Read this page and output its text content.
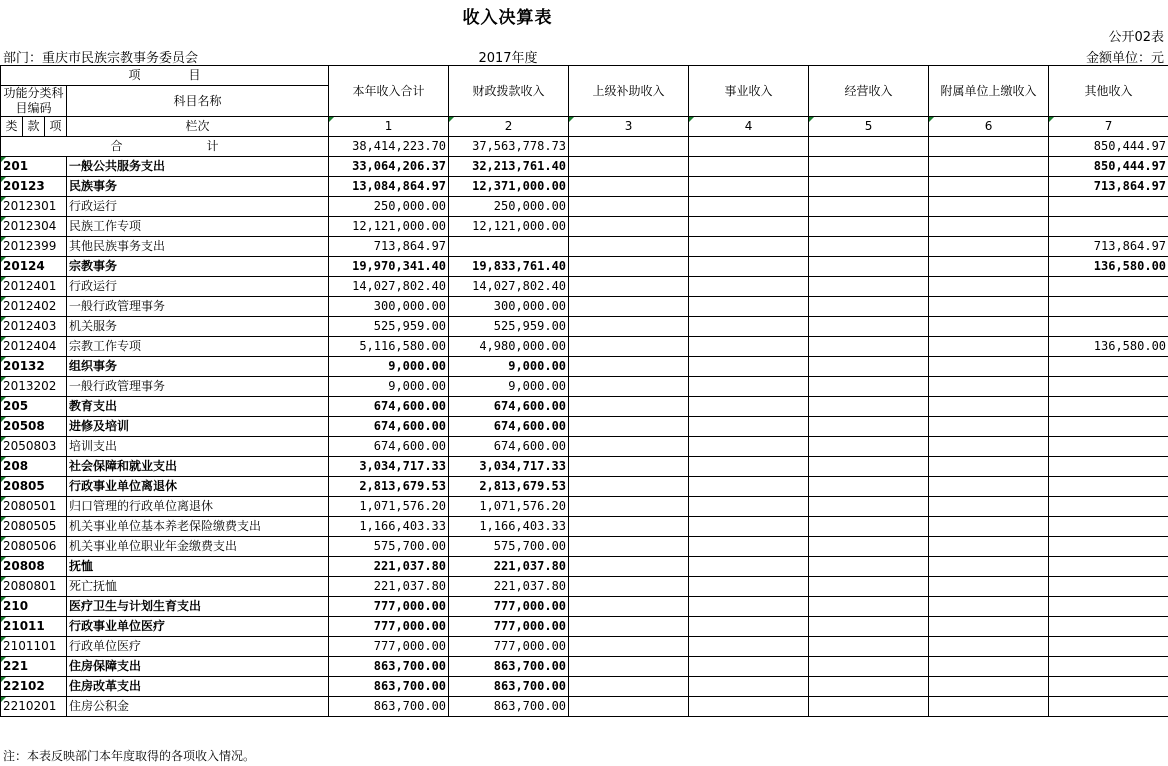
收入决算表
公开02表
部门：重庆市民族宗教事务委员会	2017年度	金额单位：元
项　　　　目				本年收入合计	财政拨款收入	上级补助收入	事业收入	经营收入	附属单位上缴收入	其他收入
功能分类科目编码			科目名称							

类	款	项								
			栏次	1	2	3	4	5	6	7
合　　　　　　　计				38,414,223.70	37,563,778.73					850,444.97

201			一般公共服务支出	33,064,206.37	32,213,761.40					850,444.97

20123			民族事务	13,084,864.97	12,371,000.00					713,864.97

2012301			行政运行	250,000.00	250,000.00					

2012304			民族工作专项	12,121,000.00	12,121,000.00					

2012399			其他民族事务支出	713,864.97						713,864.97

20124			宗教事务	19,970,341.40	19,833,761.40					136,580.00

2012401			行政运行	14,027,802.40	14,027,802.40					

2012402			一般行政管理事务	300,000.00	300,000.00					

2012403			机关服务	525,959.00	525,959.00					

2012404			宗教工作专项	5,116,580.00	4,980,000.00					136,580.00

20132			组织事务	9,000.00	9,000.00					

2013202			一般行政管理事务	9,000.00	9,000.00					

205			教育支出	674,600.00	674,600.00					

20508			进修及培训	674,600.00	674,600.00					

2050803			培训支出	674,600.00	674,600.00					

208			社会保障和就业支出	3,034,717.33	3,034,717.33					

20805			行政事业单位离退休	2,813,679.53	2,813,679.53					

2080501			归口管理的行政单位离退休	1,071,576.20	1,071,576.20					

2080505			机关事业单位基本养老保险缴费支出	1,166,403.33	1,166,403.33					

2080506			机关事业单位职业年金缴费支出	575,700.00	575,700.00					

20808			抚恤	221,037.80	221,037.80					

2080801			死亡抚恤	221,037.80	221,037.80					

210			医疗卫生与计划生育支出	777,000.00	777,000.00					

21011			行政事业单位医疗	777,000.00	777,000.00					

2101101			行政单位医疗	777,000.00	777,000.00					

221			住房保障支出	863,700.00	863,700.00					

22102			住房改革支出	863,700.00	863,700.00					

2210201			住房公积金	863,700.00	863,700.00					
注：本表反映部门本年度取得的各项收入情况。
